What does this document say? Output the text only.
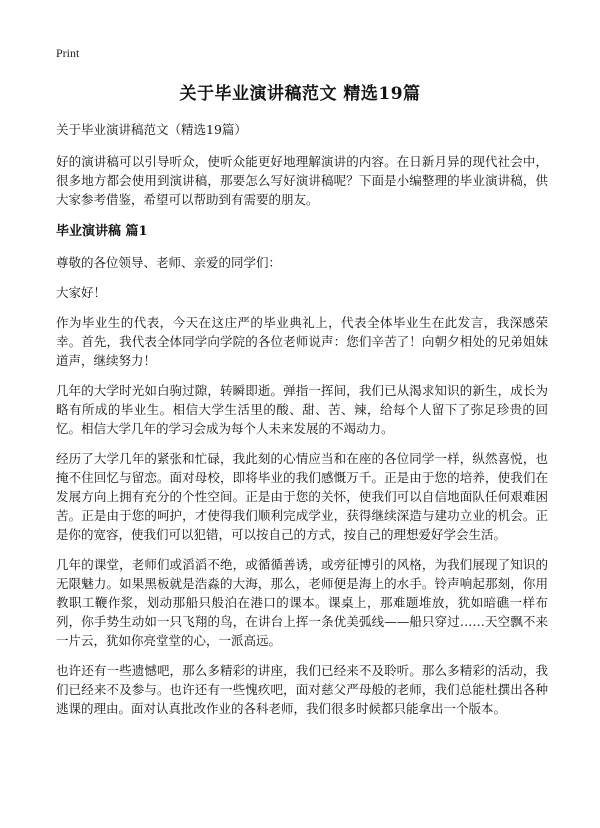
Print
关于毕业演讲稿范文 精选19篇
关于毕业演讲稿范文（精选19篇）

好的演讲稿可以引导听众，使听众能更好地理解演讲的内容。在日新月异的现代社会中，很多地方都会使用到演讲稿，那要怎么写好演讲稿呢？下面是小编整理的毕业演讲稿，供大家参考借鉴，希望可以帮助到有需要的朋友。

毕业演讲稿 篇1

尊敬的各位领导、老师、亲爱的同学们：

大家好！

作为毕业生的代表，今天在这庄严的毕业典礼上，代表全体毕业生在此发言，我深感荣幸。首先，我代表全体同学向学院的各位老师说声：您们辛苦了！向朝夕相处的兄弟姐妹道声，继续努力！

几年的大学时光如白驹过隙，转瞬即逝。弹指一挥间，我们已从渴求知识的新生，成长为略有所成的毕业生。相信大学生活里的酸、甜、苦、辣，给每个人留下了弥足珍贵的回忆。相信大学几年的学习会成为每个人未来发展的不竭动力。

经历了大学几年的紧张和忙碌，我此刻的心情应当和在座的各位同学一样，纵然喜悦，也掩不住回忆与留恋。面对母校，即将毕业的我们感慨万千。正是由于您的培养，使我们在发展方向上拥有充分的个性空间。正是由于您的关怀，使我们可以自信地面队任何艰难困苦。正是由于您的呵护，才使得我们顺利完成学业，获得继续深造与建功立业的机会。正是你的宽容，使我们可以犯错，可以按自己的方式，按自己的理想爱好学会生活。

几年的课堂，老师们或滔滔不绝，或循循善诱，或旁征博引的风格，为我们展现了知识的无限魅力。如果黑板就是浩淼的大海，那么，老师便是海上的水手。铃声响起那刻，你用教职工鞭作浆，划动那船只般泊在港口的课本。课桌上，那难题堆放，犹如暗礁一样布列，你手势生动如一只飞翔的鸟，在讲台上挥一条优美弧线——船只穿过……天空飘不来一片云，犹如你亮堂堂的心，一派高远。

也许还有一些遗憾吧，那么多精彩的讲座，我们已经来不及聆听。那么多精彩的活动，我们已经来不及参与。也许还有一些愧疚吧，面对慈父严母般的老师，我们总能杜撰出各种逃课的理由。面对认真批改作业的各科老师，我们很多时候都只能拿出一个版本。
